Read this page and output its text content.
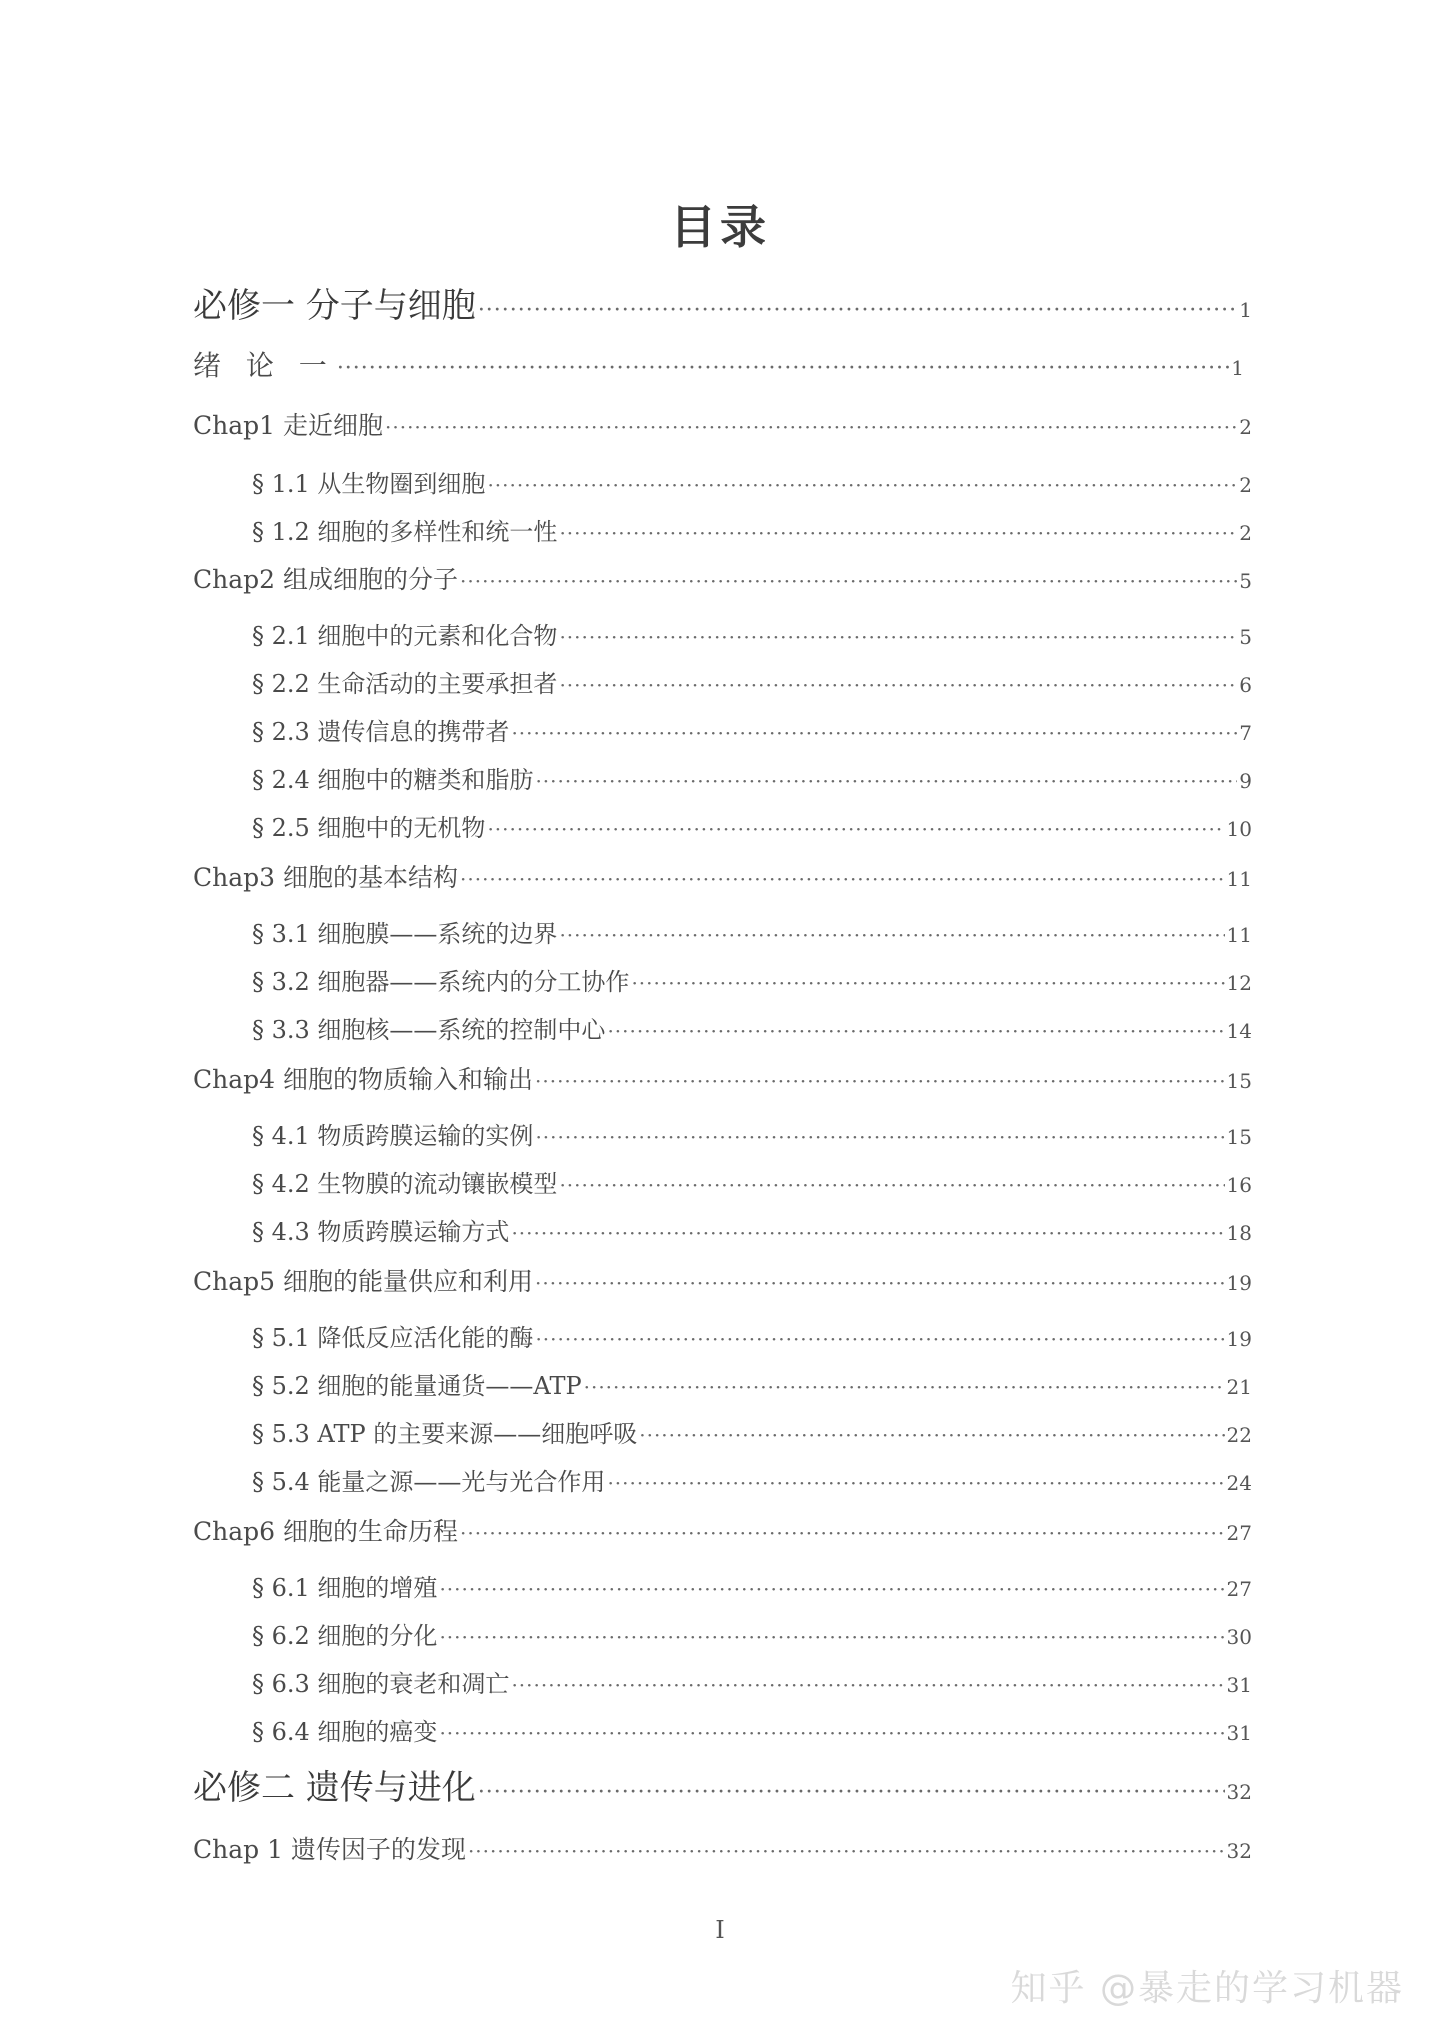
目录
必修一 分子与细胞 ·····	1
绪 论 一 ·····	1
Chap1 走近细胞 ·····	2
§ 1.1 从生物圈到细胞 ·····	2
§ 1.2 细胞的多样性和统一性 ·····	2
Chap2 组成细胞的分子 ·····	5
§ 2.1 细胞中的元素和化合物 ·····	5
§ 2.2 生命活动的主要承担者 ·····	6
§ 2.3 遗传信息的携带者 ·····	7
§ 2.4 细胞中的糖类和脂肪 ·····	9
§ 2.5 细胞中的无机物 ·····	10
Chap3 细胞的基本结构 ·····	11
§ 3.1 细胞膜——系统的边界 ·····	11
§ 3.2 细胞器——系统内的分工协作 ·····	12
§ 3.3 细胞核——系统的控制中心 ·····	14
Chap4 细胞的物质输入和输出 ·····	15
§ 4.1 物质跨膜运输的实例 ·····	15
§ 4.2 生物膜的流动镶嵌模型 ·····	16
§ 4.3 物质跨膜运输方式 ·····	18
Chap5 细胞的能量供应和利用 ·····	19
§ 5.1 降低反应活化能的酶 ·····	19
§ 5.2 细胞的能量通货——ATP ·····	21
§ 5.3 ATP 的主要来源——细胞呼吸 ·····	22
§ 5.4 能量之源——光与光合作用 ·····	24
Chap6 细胞的生命历程 ·····	27
§ 6.1 细胞的增殖 ·····	27
§ 6.2 细胞的分化 ·····	30
§ 6.3 细胞的衰老和凋亡 ·····	31
§ 6.4 细胞的癌变 ·····	31
必修二 遗传与进化 ·····	32
Chap 1 遗传因子的发现 ·····	32
I
知乎 @暴走的学习机器
